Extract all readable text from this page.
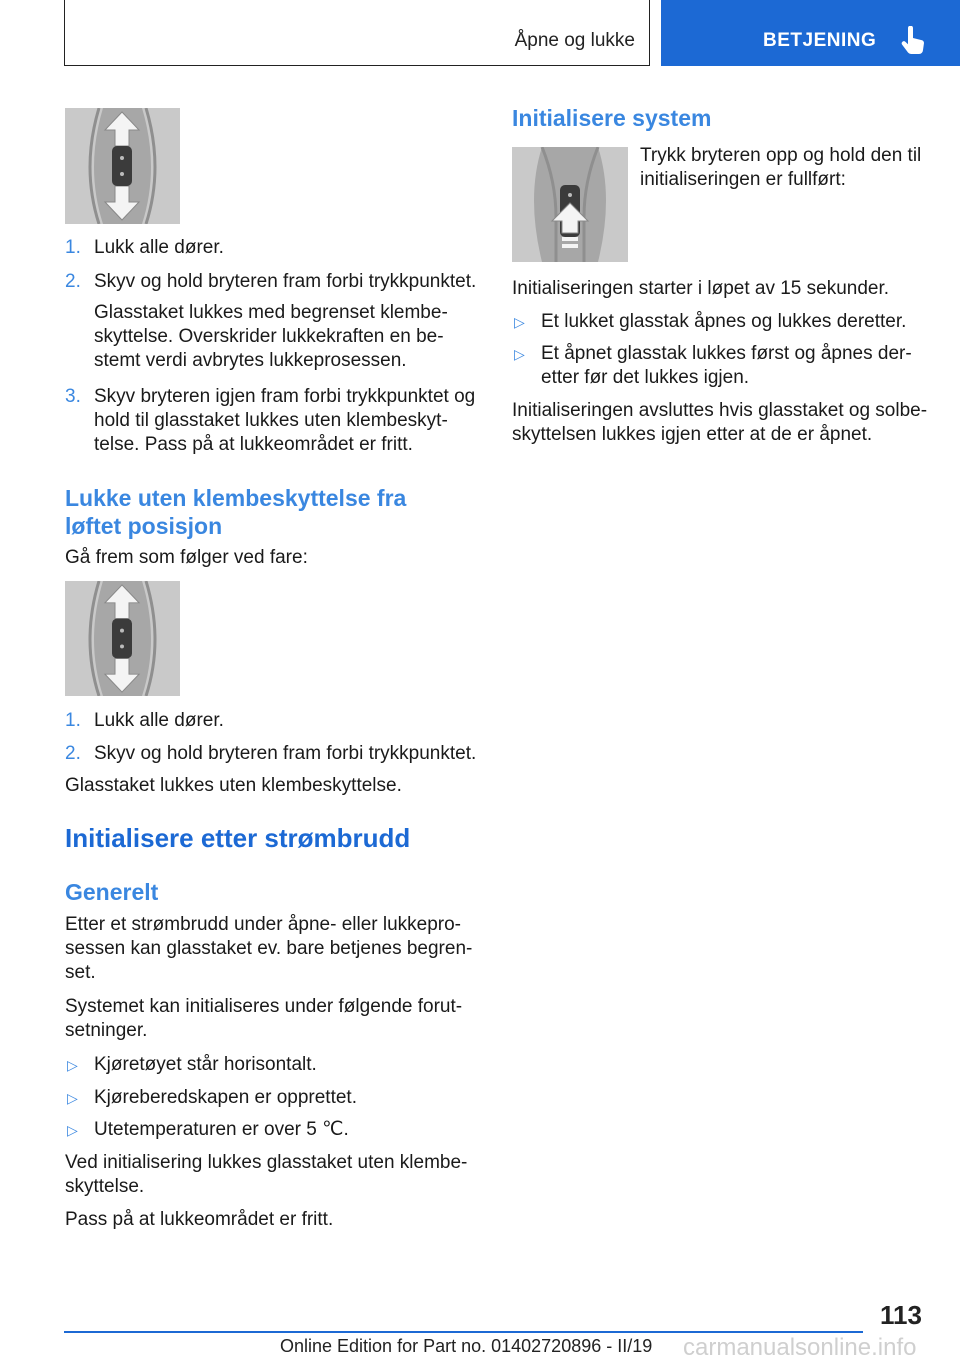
Åpne og lukke	BETJENING
1. Lukk alle dører.
2. Skyv og hold bryteren fram forbi trykkpunktet.
Glasstaket lukkes med begrenset klembe-
skyttelse. Overskrider lukkekraften en be-
stemt verdi avbrytes lukkeprosessen.
3. Skyv bryteren igjen fram forbi trykkpunktet og
hold til glasstaket lukkes uten klembeskyt-
telse. Pass på at lukkeområdet er fritt.
Lukke uten klembeskyttelse fra
løftet posisjon
Gå frem som følger ved fare:
1. Lukk alle dører.
2. Skyv og hold bryteren fram forbi trykkpunktet.
Glasstaket lukkes uten klembeskyttelse.
Initialisere etter strømbrudd
Generelt
Etter et strømbrudd under åpne- eller lukkepro-
sessen kan glasstaket ev. bare betjenes begren-
set.
Systemet kan initialiseres under følgende forut-
setninger.
▷ Kjøretøyet står horisontalt.
▷ Kjøreberedskapen er opprettet.
▷ Utetemperaturen er over 5 ℃.
Ved initialisering lukkes glasstaket uten klembe-
skyttelse.
Pass på at lukkeområdet er fritt.
Initialisere system
Trykk bryteren opp og hold den til
initialiseringen er fullført:
Initialiseringen starter i løpet av 15 sekunder.
▷ Et lukket glasstak åpnes og lukkes deretter.
▷ Et åpnet glasstak lukkes først og åpnes der-
etter før det lukkes igjen.
Initialiseringen avsluttes hvis glasstaket og solbe-
skyttelsen lukkes igjen etter at de er åpnet.
113
Online Edition for Part no. 01402720896 - II/19 carmanualsonline.info
